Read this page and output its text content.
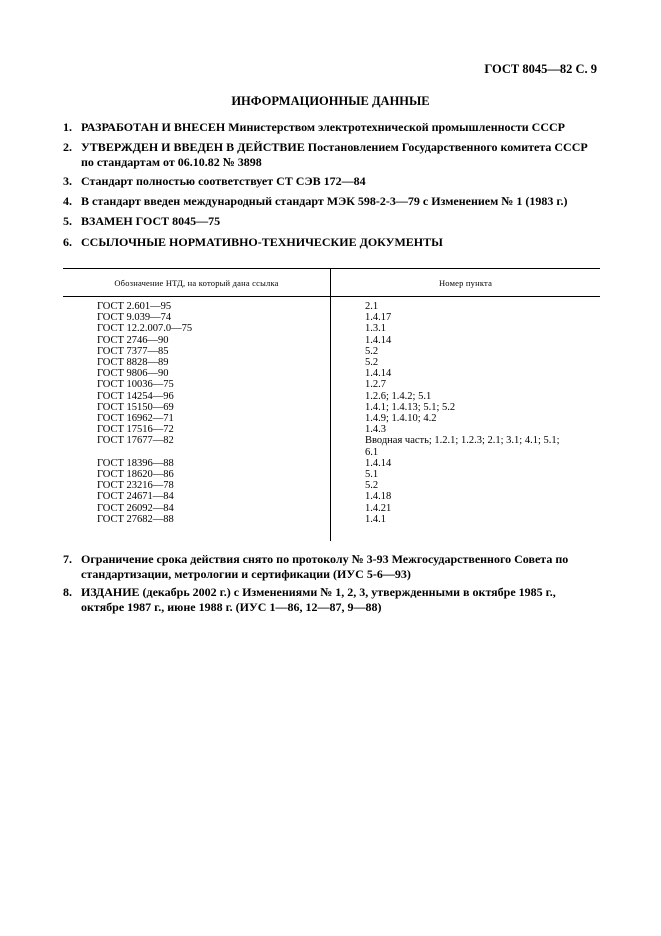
ГОСТ 8045—82 С. 9
ИНФОРМАЦИОННЫЕ ДАННЫЕ
1. РАЗРАБОТАН И ВНЕСЕН Министерством электротехнической промышленности СССР
2. УТВЕРЖДЕН И ВВЕДЕН В ДЕЙСТВИЕ Постановлением Государственного комитета СССР по стандартам от 06.10.82 № 3898
3. Стандарт полностью соответствует СТ СЭВ 172—84
4. В стандарт введен международный стандарт МЭК 598-2-3—79 с Изменением № 1 (1983 г.)
5. ВЗАМЕН ГОСТ 8045—75
6. ССЫЛОЧНЫЕ НОРМАТИВНО-ТЕХНИЧЕСКИЕ ДОКУМЕНТЫ
Обозначение НТД, на который дана ссылка	Номер пункта
ГОСТ 2.601—95	2.1
ГОСТ 9.039—74	1.4.17
ГОСТ 12.2.007.0—75	1.3.1
ГОСТ 2746—90	1.4.14
ГОСТ 7377—85	5.2
ГОСТ 8828—89	5.2
ГОСТ 9806—90	1.4.14
ГОСТ 10036—75	1.2.7
ГОСТ 14254—96	1.2.6; 1.4.2; 5.1
ГОСТ 15150—69	1.4.1; 1.4.13; 5.1; 5.2
ГОСТ 16962—71	1.4.9; 1.4.10; 4.2
ГОСТ 17516—72	1.4.3
ГОСТ 17677—82	Вводная часть; 1.2.1; 1.2.3; 2.1; 3.1; 4.1; 5.1; 6.1
ГОСТ 18396—88	1.4.14
ГОСТ 18620—86	5.1
ГОСТ 23216—78	5.2
ГОСТ 24671—84	1.4.18
ГОСТ 26092—84	1.4.21
ГОСТ 27682—88	1.4.1
7. Ограничение срока действия снято по протоколу № 3-93 Межгосударственного Совета по стандартизации, метрологии и сертификации (ИУС 5-6—93)
8. ИЗДАНИЕ (декабрь 2002 г.) с Изменениями № 1, 2, 3, утвержденными в октябре 1985 г., октябре 1987 г., июне 1988 г. (ИУС 1—86, 12—87, 9—88)
